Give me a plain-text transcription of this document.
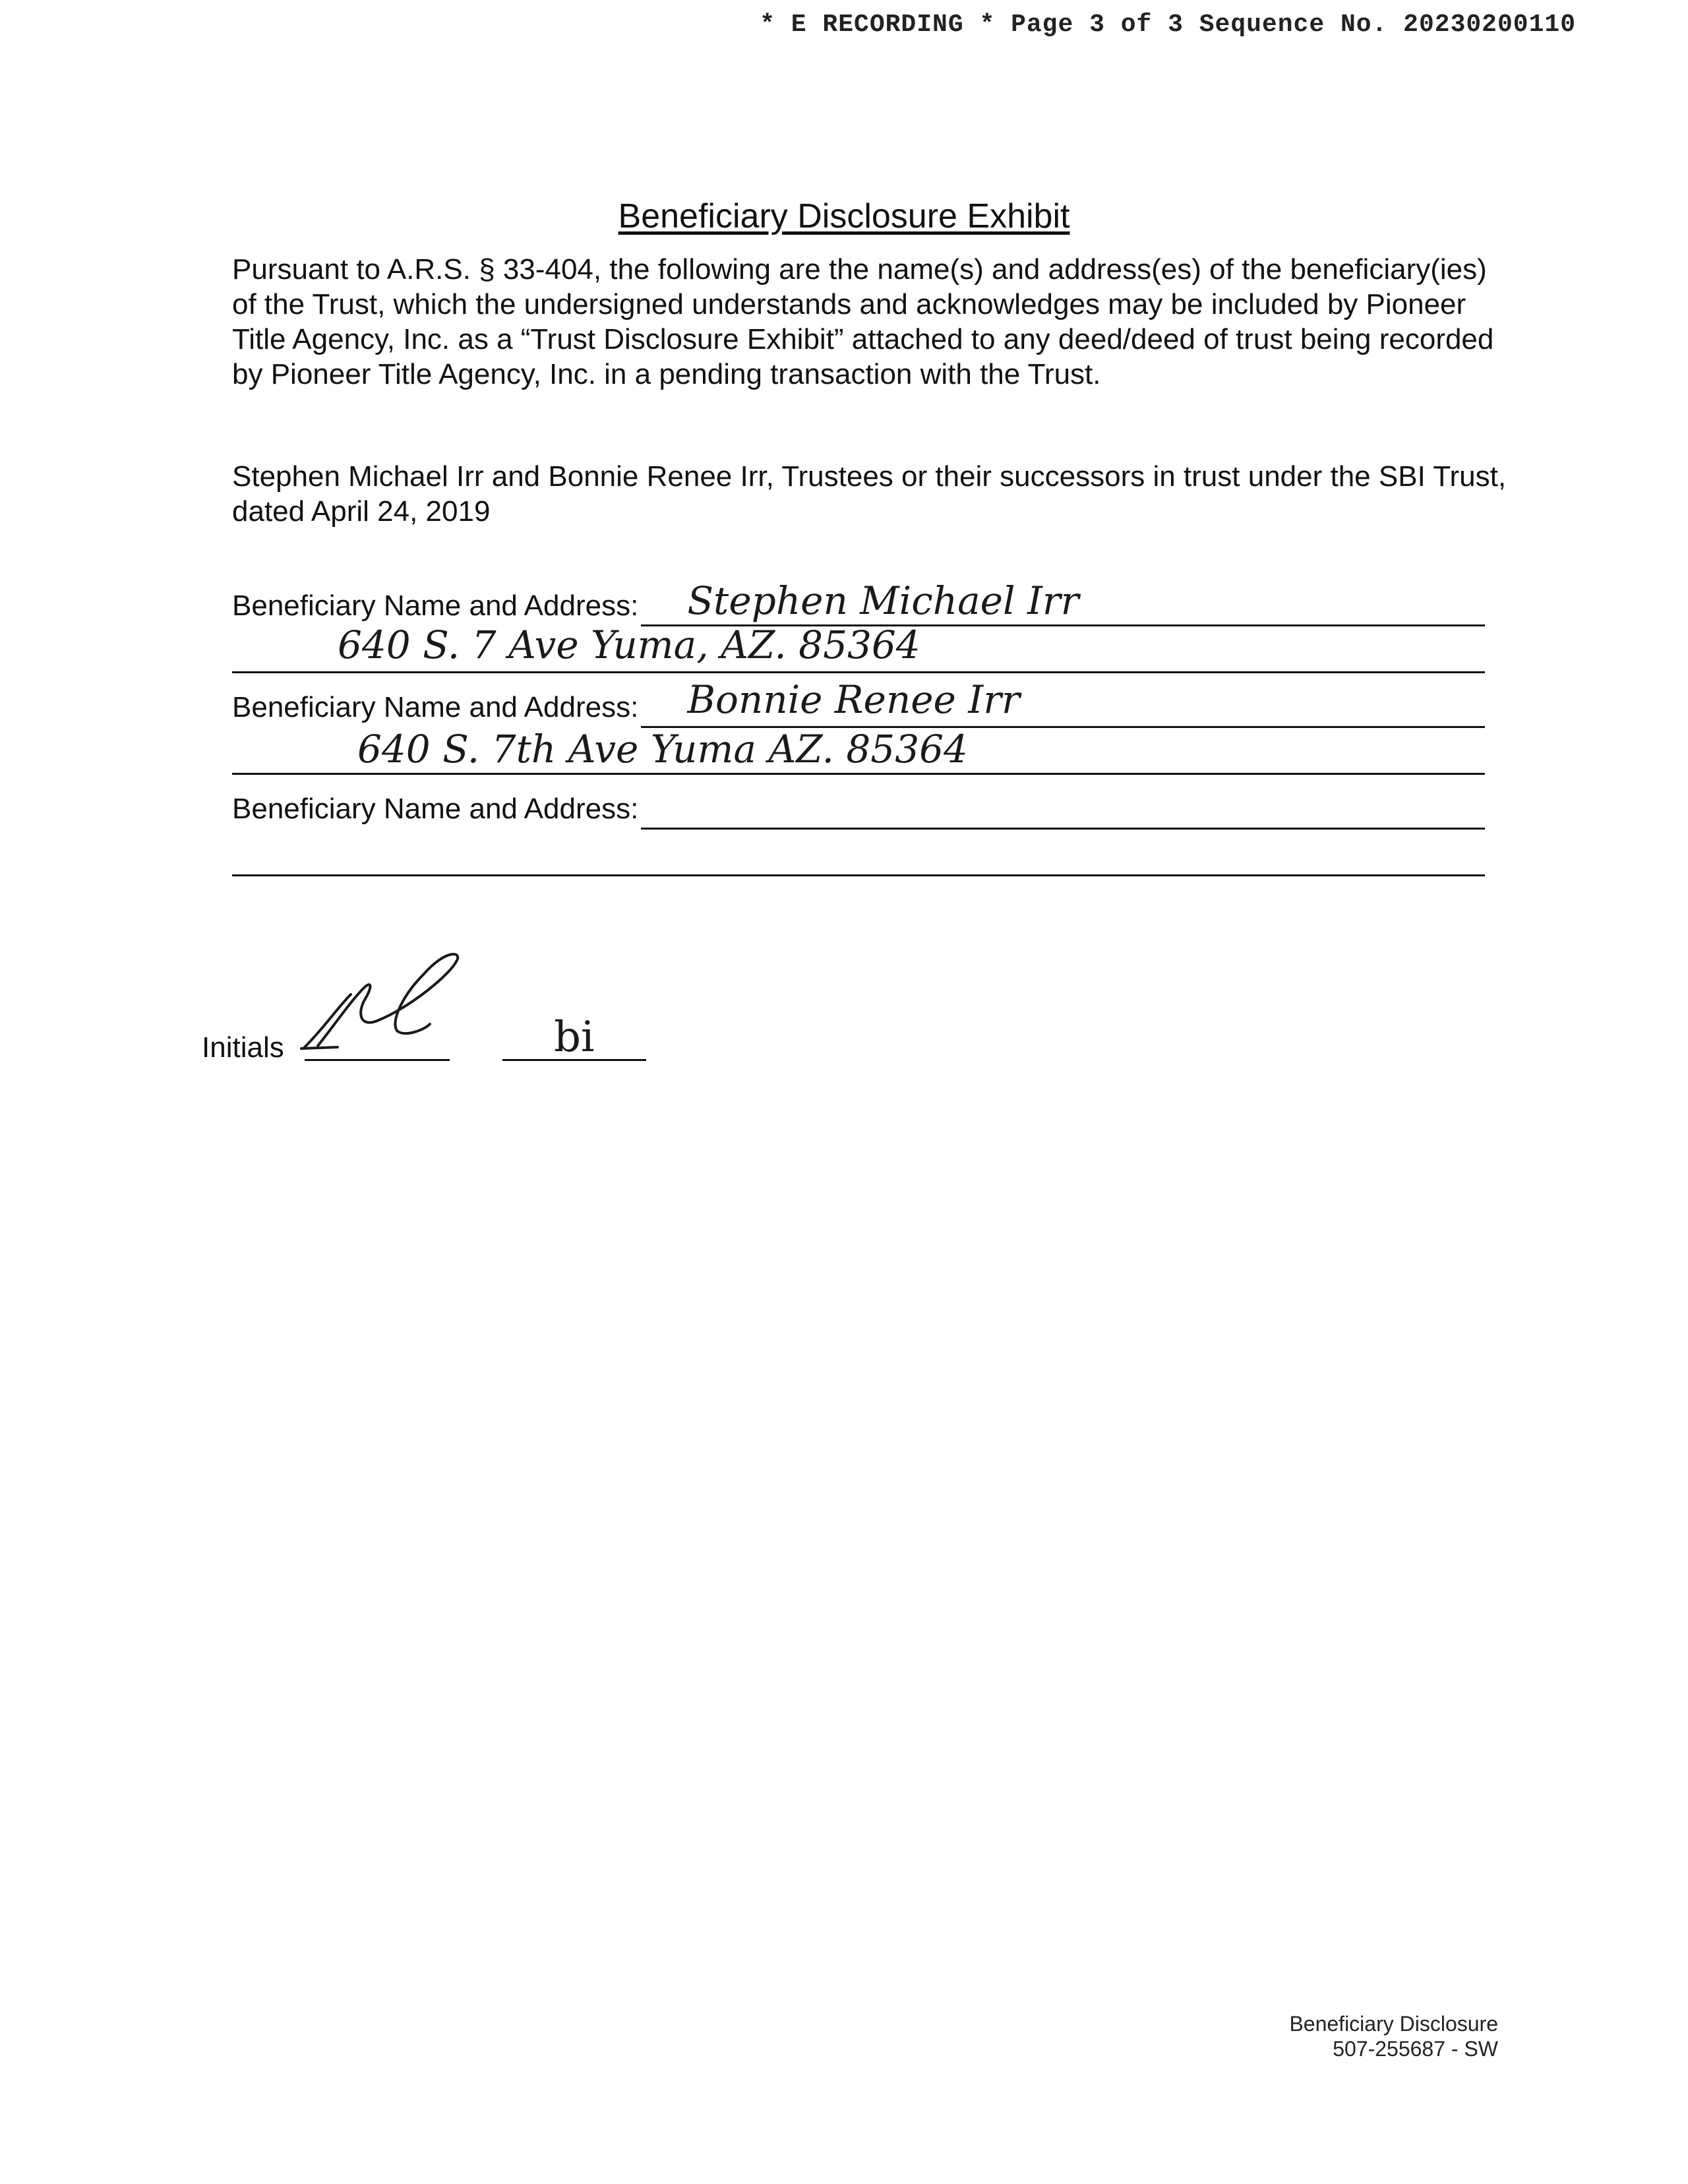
* E RECORDING * Page 3 of 3 Sequence No. 20230200110
Beneficiary Disclosure Exhibit

Pursuant to A.R.S. § 33-404, the following are the name(s) and address(es) of the beneficiary(ies) of the Trust, which the undersigned understands and acknowledges may be included by Pioneer Title Agency, Inc. as a “Trust Disclosure Exhibit” attached to any deed/deed of trust being recorded by Pioneer Title Agency, Inc. in a pending transaction with the Trust.

Stephen Michael Irr and Bonnie Renee Irr, Trustees or their successors in trust under the SBI Trust, dated April 24, 2019

Beneficiary Name and Address: Stephen Michael Irr
640 S. 7 Ave Yuma, AZ. 85364
Beneficiary Name and Address: Bonnie Renee Irr
640 S. 7th Ave Yuma AZ. 85364
Beneficiary Name and Address:
Initials	bi
Beneficiary Disclosure
507-255687 - SW
